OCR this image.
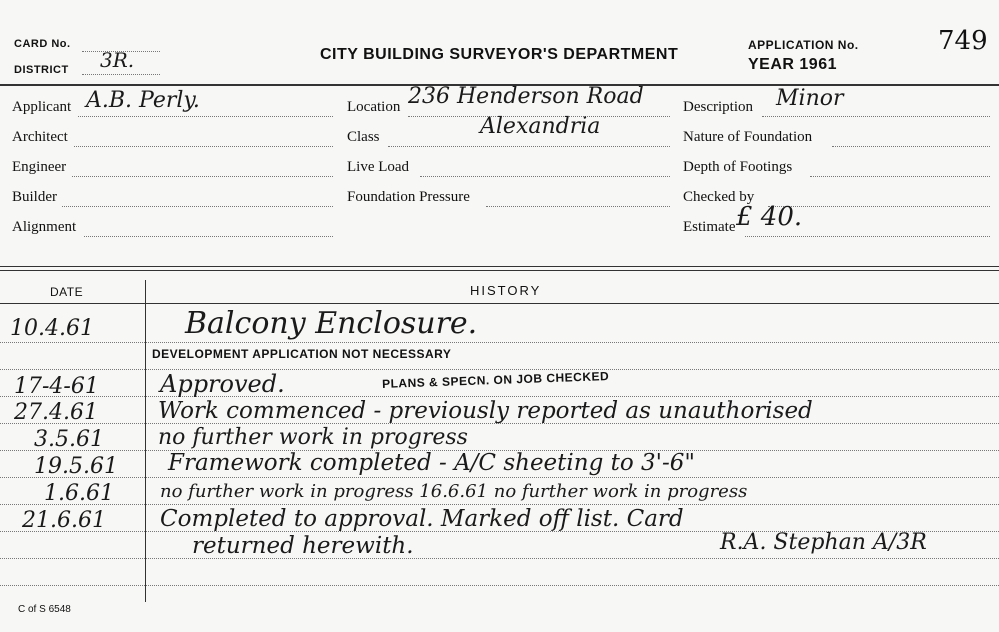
CARD No.
DISTRICT 3R.	CITY BUILDING SURVEYOR'S DEPARTMENT
APPLICATION No.	749
YEAR 1961
Applicant A.B. Perly.
Architect
Engineer
Builder
Alignment
Location 236 Henderson Road
Class	Alexandria
Live Load
Foundation Pressure
Description Minor
Nature of Foundation
Depth of Footings
Checked by
Estimate £ 40.
DATE	HISTORY
10.4.61	Balcony Enclosure.
DEVELOPMENT APPLICATION NOT NECESSARY
17-4-61	Approved.	PLANS & SPECN. ON JOB CHECKED
27.4.61	Work commenced - previously reported as unauthorised
3.5.61 no further work in progress
19.5.61 Framework completed - A/C sheeting to 3'-6"
1.6.61	no further work in progress 16.6.61 no further work in progress
21.6.61 Completed to approval. Marked off list. Card
returned herewith.	R.A. Stephan A/3R
C of S 6548
